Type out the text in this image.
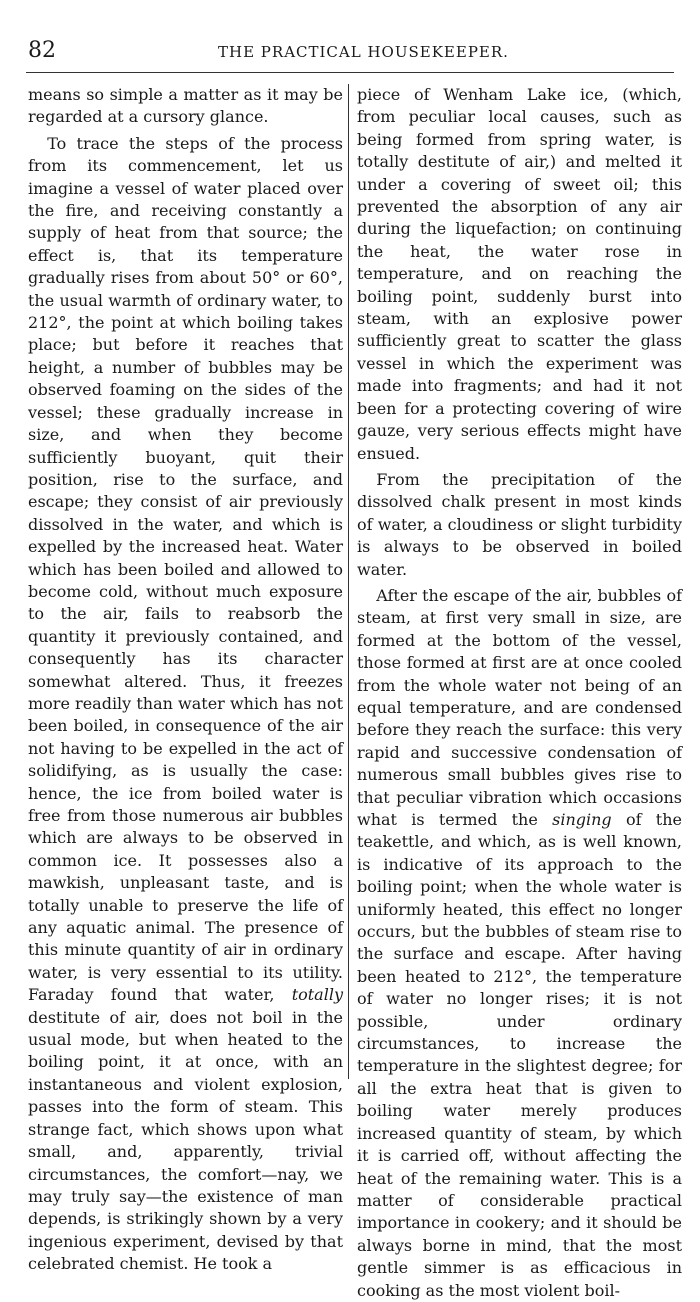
82	THE PRACTICAL HOUSEKEEPER.

means so simple a matter as it may be regarded at a cursory glance.

To trace the steps of the process from its commencement, let us imagine a vessel of water placed over the fire, and receiving constantly a supply of heat from that source; the effect is, that its temperature gradually rises from about 50° or 60°, the usual warmth of ordinary water, to 212°, the point at which boiling takes place; but before it reaches that height, a number of bubbles may be observed foaming on the sides of the vessel; these gradually increase in size, and when they become sufficiently buoyant, quit their position, rise to the surface, and escape; they consist of air previously dissolved in the water, and which is expelled by the increased heat. Water which has been boiled and allowed to become cold, without much exposure to the air, fails to reabsorb the quantity it previously contained, and consequently has its character somewhat altered. Thus, it freezes more readily than water which has not been boiled, in consequence of the air not having to be expelled in the act of solidifying, as is usually the case: hence, the ice from boiled water is free from those numerous air bubbles which are always to be observed in common ice. It possesses also a mawkish, unpleasant taste, and is totally unable to preserve the life of any aquatic animal. The presence of this minute quantity of air in ordinary water, is very essential to its utility. Faraday found that water, totally destitute of air, does not boil in the usual mode, but when heated to the boiling point, it at once, with an instantaneous and violent explosion, passes into the form of steam. This strange fact, which shows upon what small, and, apparently, trivial circumstances, the comfort—nay, we may truly say—the existence of man depends, is strikingly shown by a very ingenious experiment, devised by that celebrated chemist. He took a

piece of Wenham Lake ice, (which, from peculiar local causes, such as being formed from spring water, is totally destitute of air,) and melted it under a covering of sweet oil; this prevented the absorption of any air during the liquefaction; on continuing the heat, the water rose in temperature, and on reaching the boiling point, suddenly burst into steam, with an explosive power sufficiently great to scatter the glass vessel in which the experiment was made into fragments; and had it not been for a protecting covering of wire gauze, very serious effects might have ensued.

From the precipitation of the dissolved chalk present in most kinds of water, a cloudiness or slight turbidity is always to be observed in boiled water.

After the escape of the air, bubbles of steam, at first very small in size, are formed at the bottom of the vessel, those formed at first are at once cooled from the whole water not being of an equal temperature, and are condensed before they reach the surface: this very rapid and successive condensation of numerous small bubbles gives rise to that peculiar vibration which occasions what is termed the singing of the teakettle, and which, as is well known, is indicative of its approach to the boiling point; when the whole water is uniformly heated, this effect no longer occurs, but the bubbles of steam rise to the surface and escape. After having been heated to 212°, the temperature of water no longer rises; it is not possible, under ordinary circumstances, to increase the temperature in the slightest degree; for all the extra heat that is given to boiling water merely produces increased quantity of steam, by which it is carried off, without affecting the heat of the remaining water. This is a matter of considerable practical importance in cookery; and it should be always borne in mind, that the most gentle simmer is as efficacious in cooking as the most violent boil-
